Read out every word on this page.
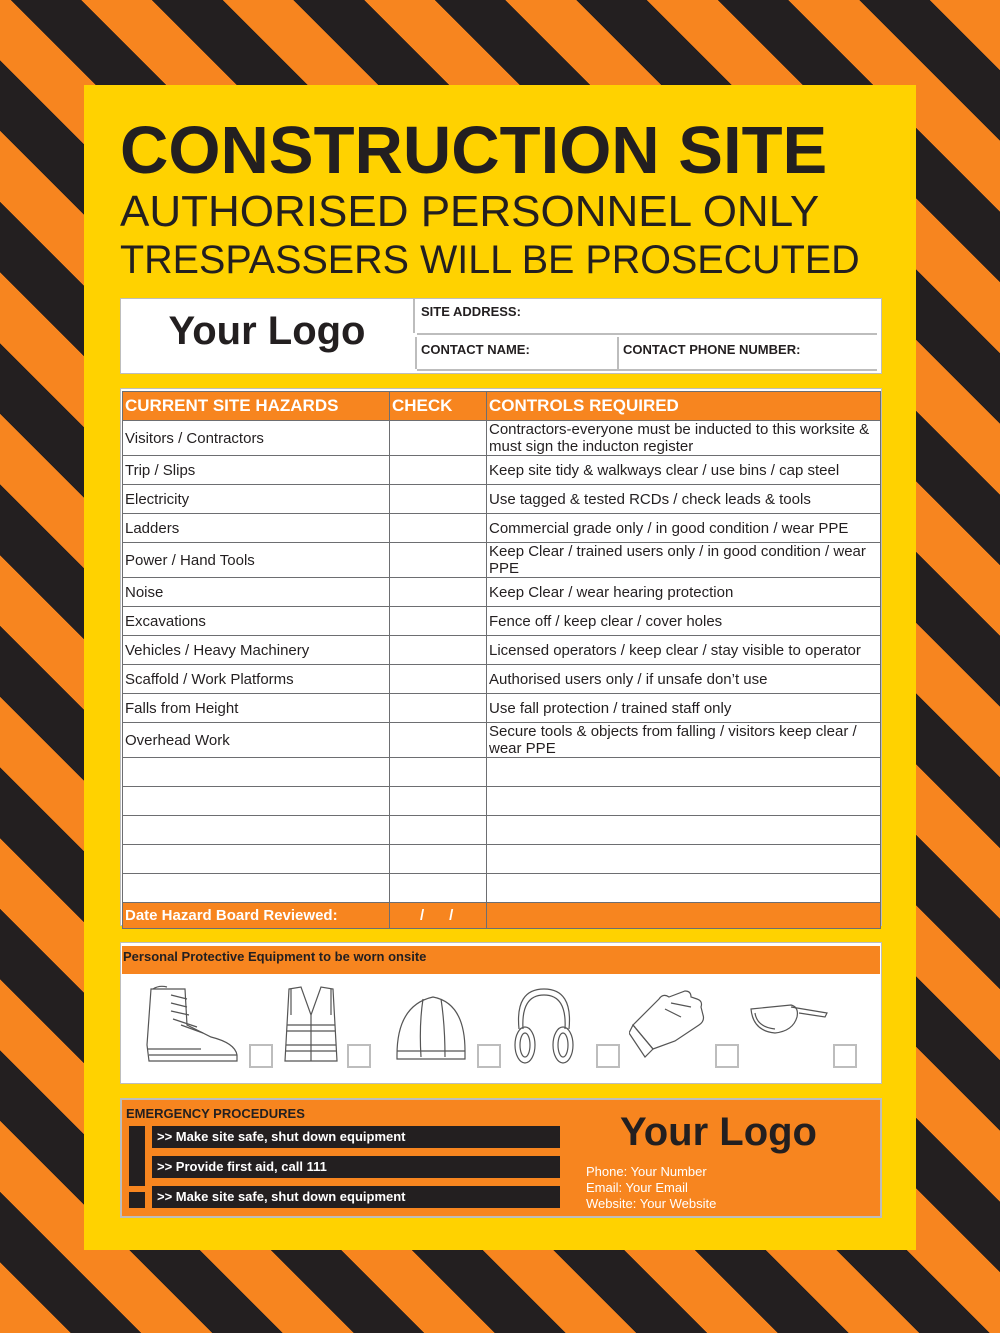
CONSTRUCTION SITE
AUTHORISED PERSONNEL ONLY
TRESPASSERS WILL BE PROSECUTED
Your Logo	SITE ADDRESS:
CONTACT NAME:	CONTACT PHONE NUMBER:
CURRENT SITE HAZARDS	CHECK	CONTROLS REQUIRED
Visitors / Contractors		Contractors-everyone must be inducted to this worksite & must sign the inducton register
Trip / Slips		Keep site tidy & walkways clear / use bins / cap steel
Electricity		Use tagged & tested RCDs / check leads & tools
Ladders		Commercial grade only / in good condition / wear PPE
Power / Hand Tools		Keep Clear / trained users only / in good condition / wear PPE
Noise		Keep Clear / wear hearing protection
Excavations		Fence off / keep clear / cover holes
Vehicles / Heavy Machinery		Licensed operators / keep clear / stay visible to operator
Scaffold / Work Platforms		Authorised users only / if unsafe don’t use
Falls from Height		Use fall protection / trained staff only
Overhead Work		Secure tools & objects from falling / visitors keep clear / wear PPE

Date Hazard Board Reviewed:	/      /	
Personal Protective Equipment to be worn onsite
EMERGENCY PROCEDURES
>> Make site safe, shut down equipment
>> Provide first aid, call 111
>> Make site safe, shut down equipment
Your Logo
Phone: Your Number
Email: Your Email
Website: Your Website
